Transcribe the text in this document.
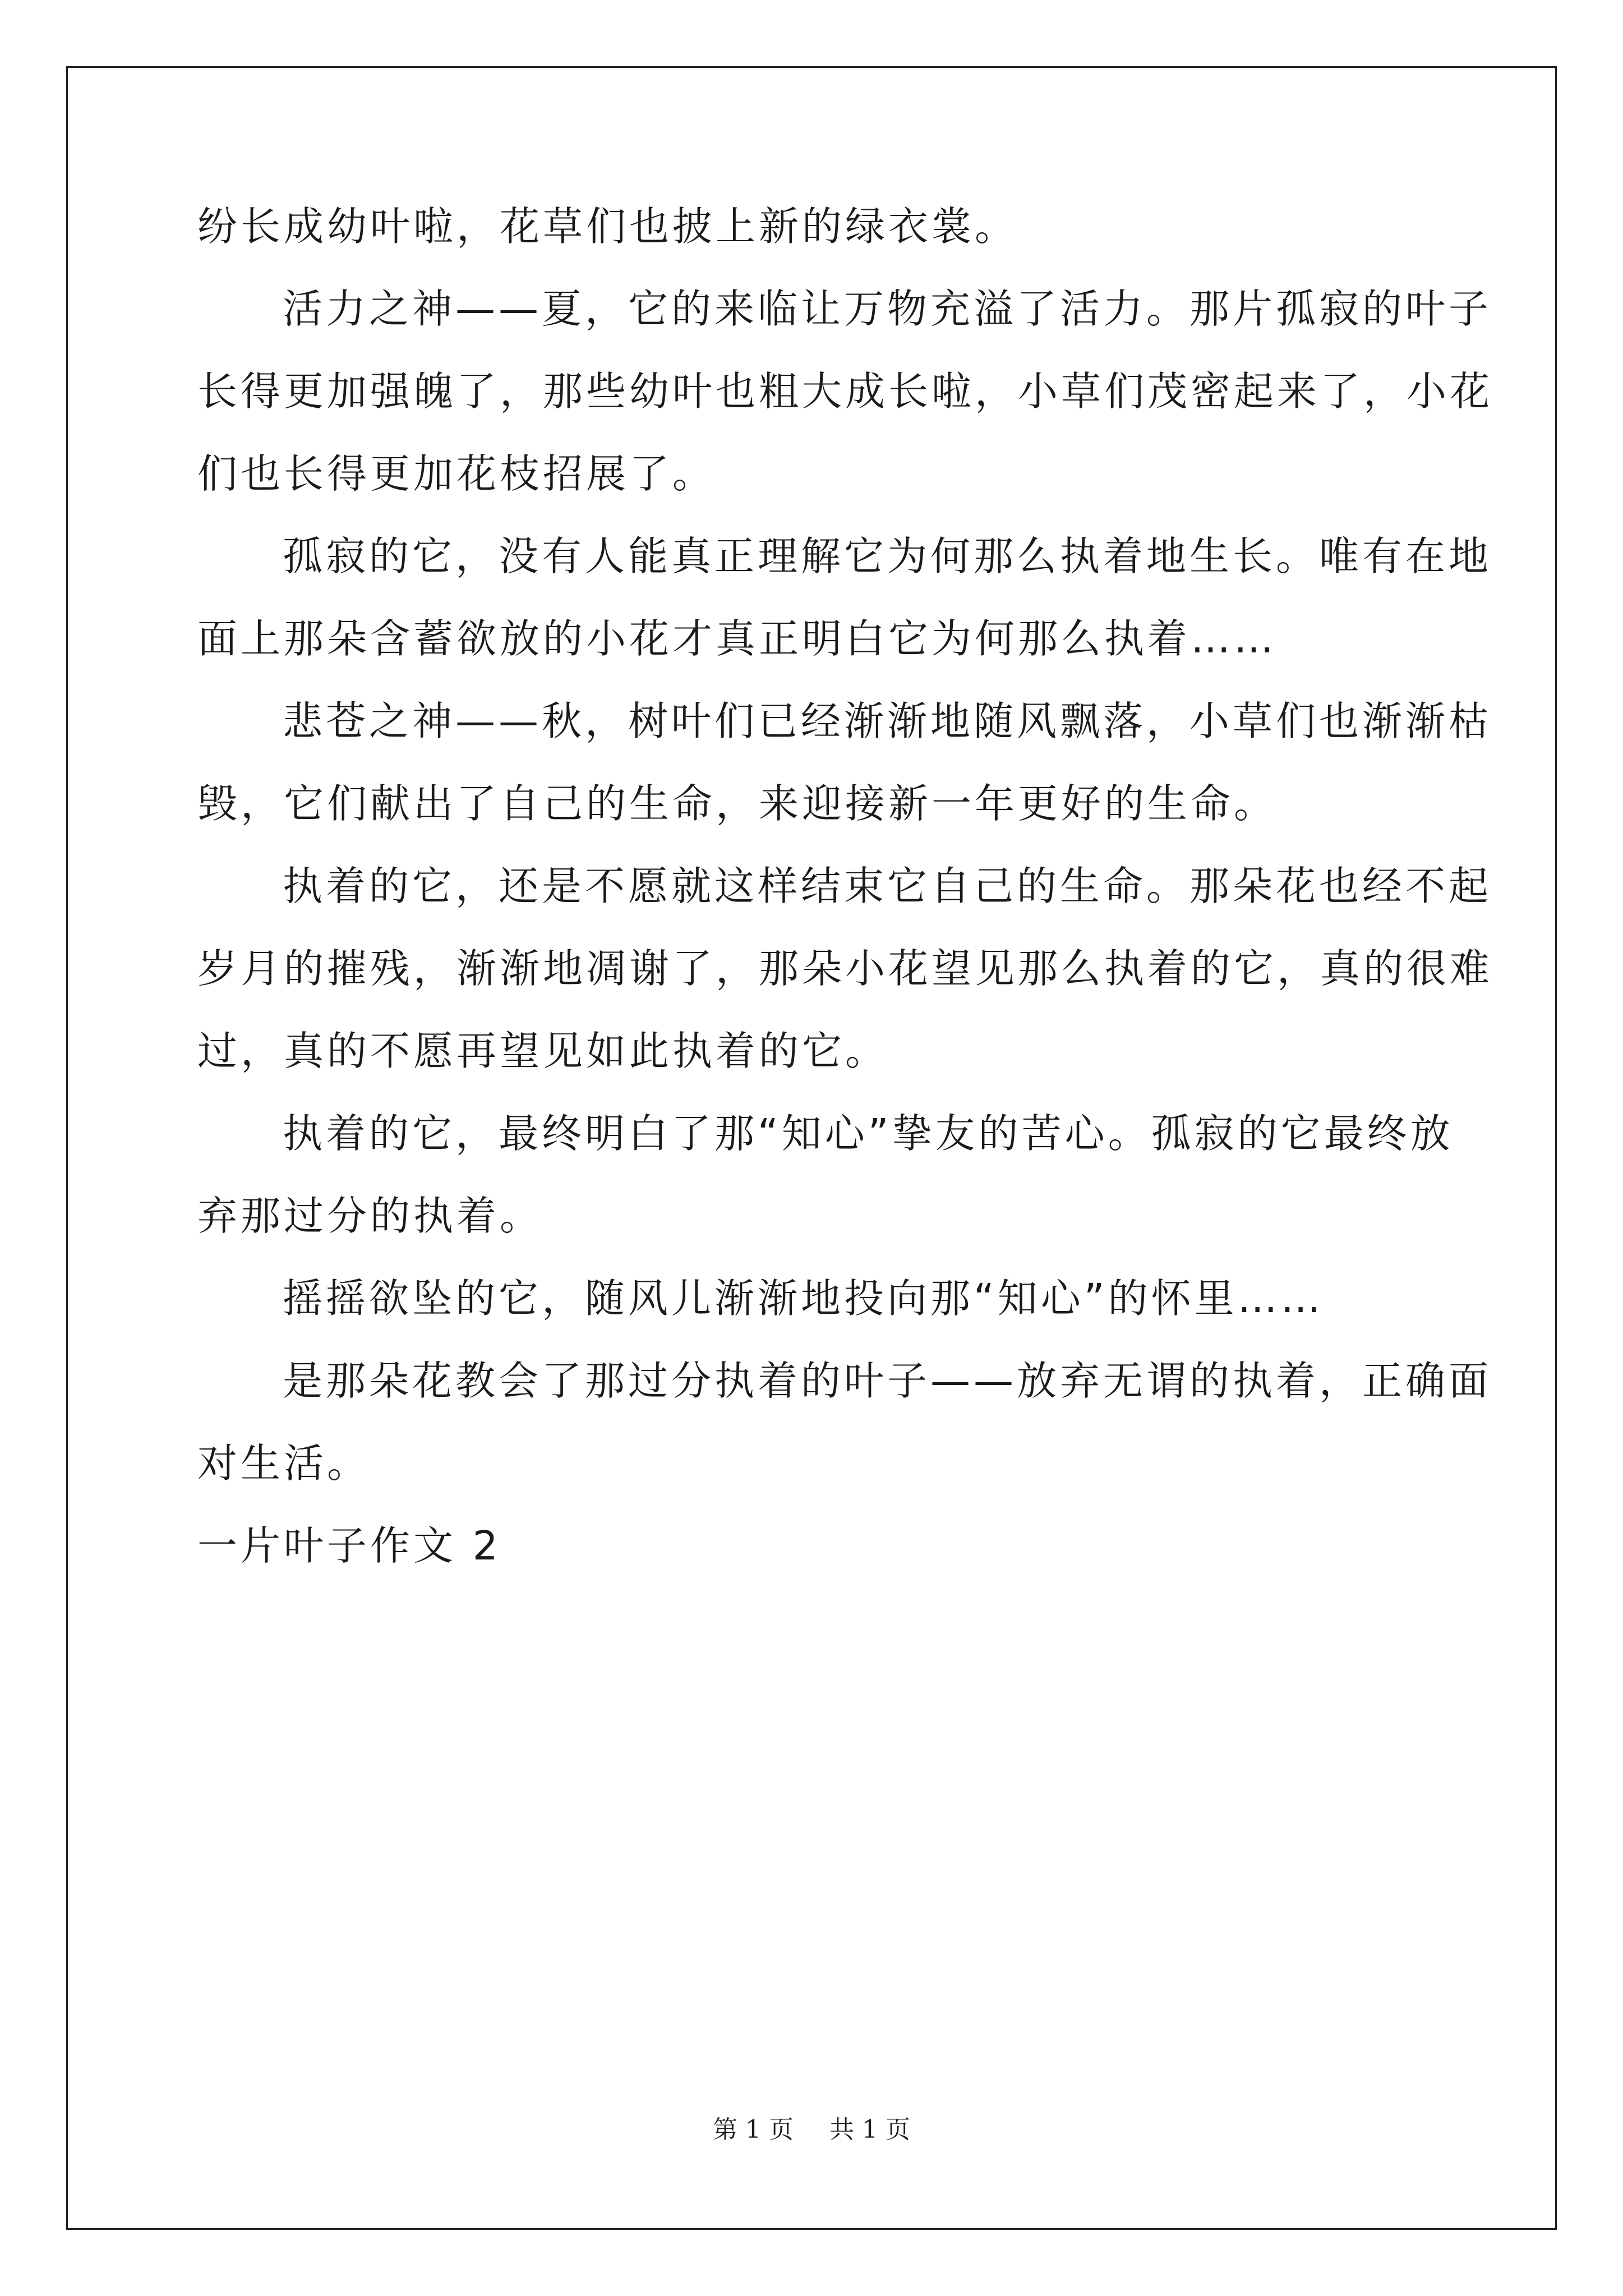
纷长成幼叶啦，花草们也披上新的绿衣裳。
活力之神——夏，它的来临让万物充溢了活力。那片孤寂的叶子
长得更加强魄了，那些幼叶也粗大成长啦，小草们茂密起来了，小花
们也长得更加花枝招展了。
孤寂的它，没有人能真正理解它为何那么执着地生长。唯有在地
面上那朵含蓄欲放的小花才真正明白它为何那么执着……
悲苍之神——秋，树叶们已经渐渐地随风飘落，小草们也渐渐枯
毁，它们献出了自己的生命，来迎接新一年更好的生命。
执着的它，还是不愿就这样结束它自己的生命。那朵花也经不起
岁月的摧残，渐渐地凋谢了，那朵小花望见那么执着的它，真的很难
过，真的不愿再望见如此执着的它。
执着的它，最终明白了那“知心”挚友的苦心。孤寂的它最终放
弃那过分的执着。
摇摇欲坠的它，随风儿渐渐地投向那“知心”的怀里……
是那朵花教会了那过分执着的叶子——放弃无谓的执着，正确面
对生活。
一片叶子作文 2
第 1 页 共 1 页
